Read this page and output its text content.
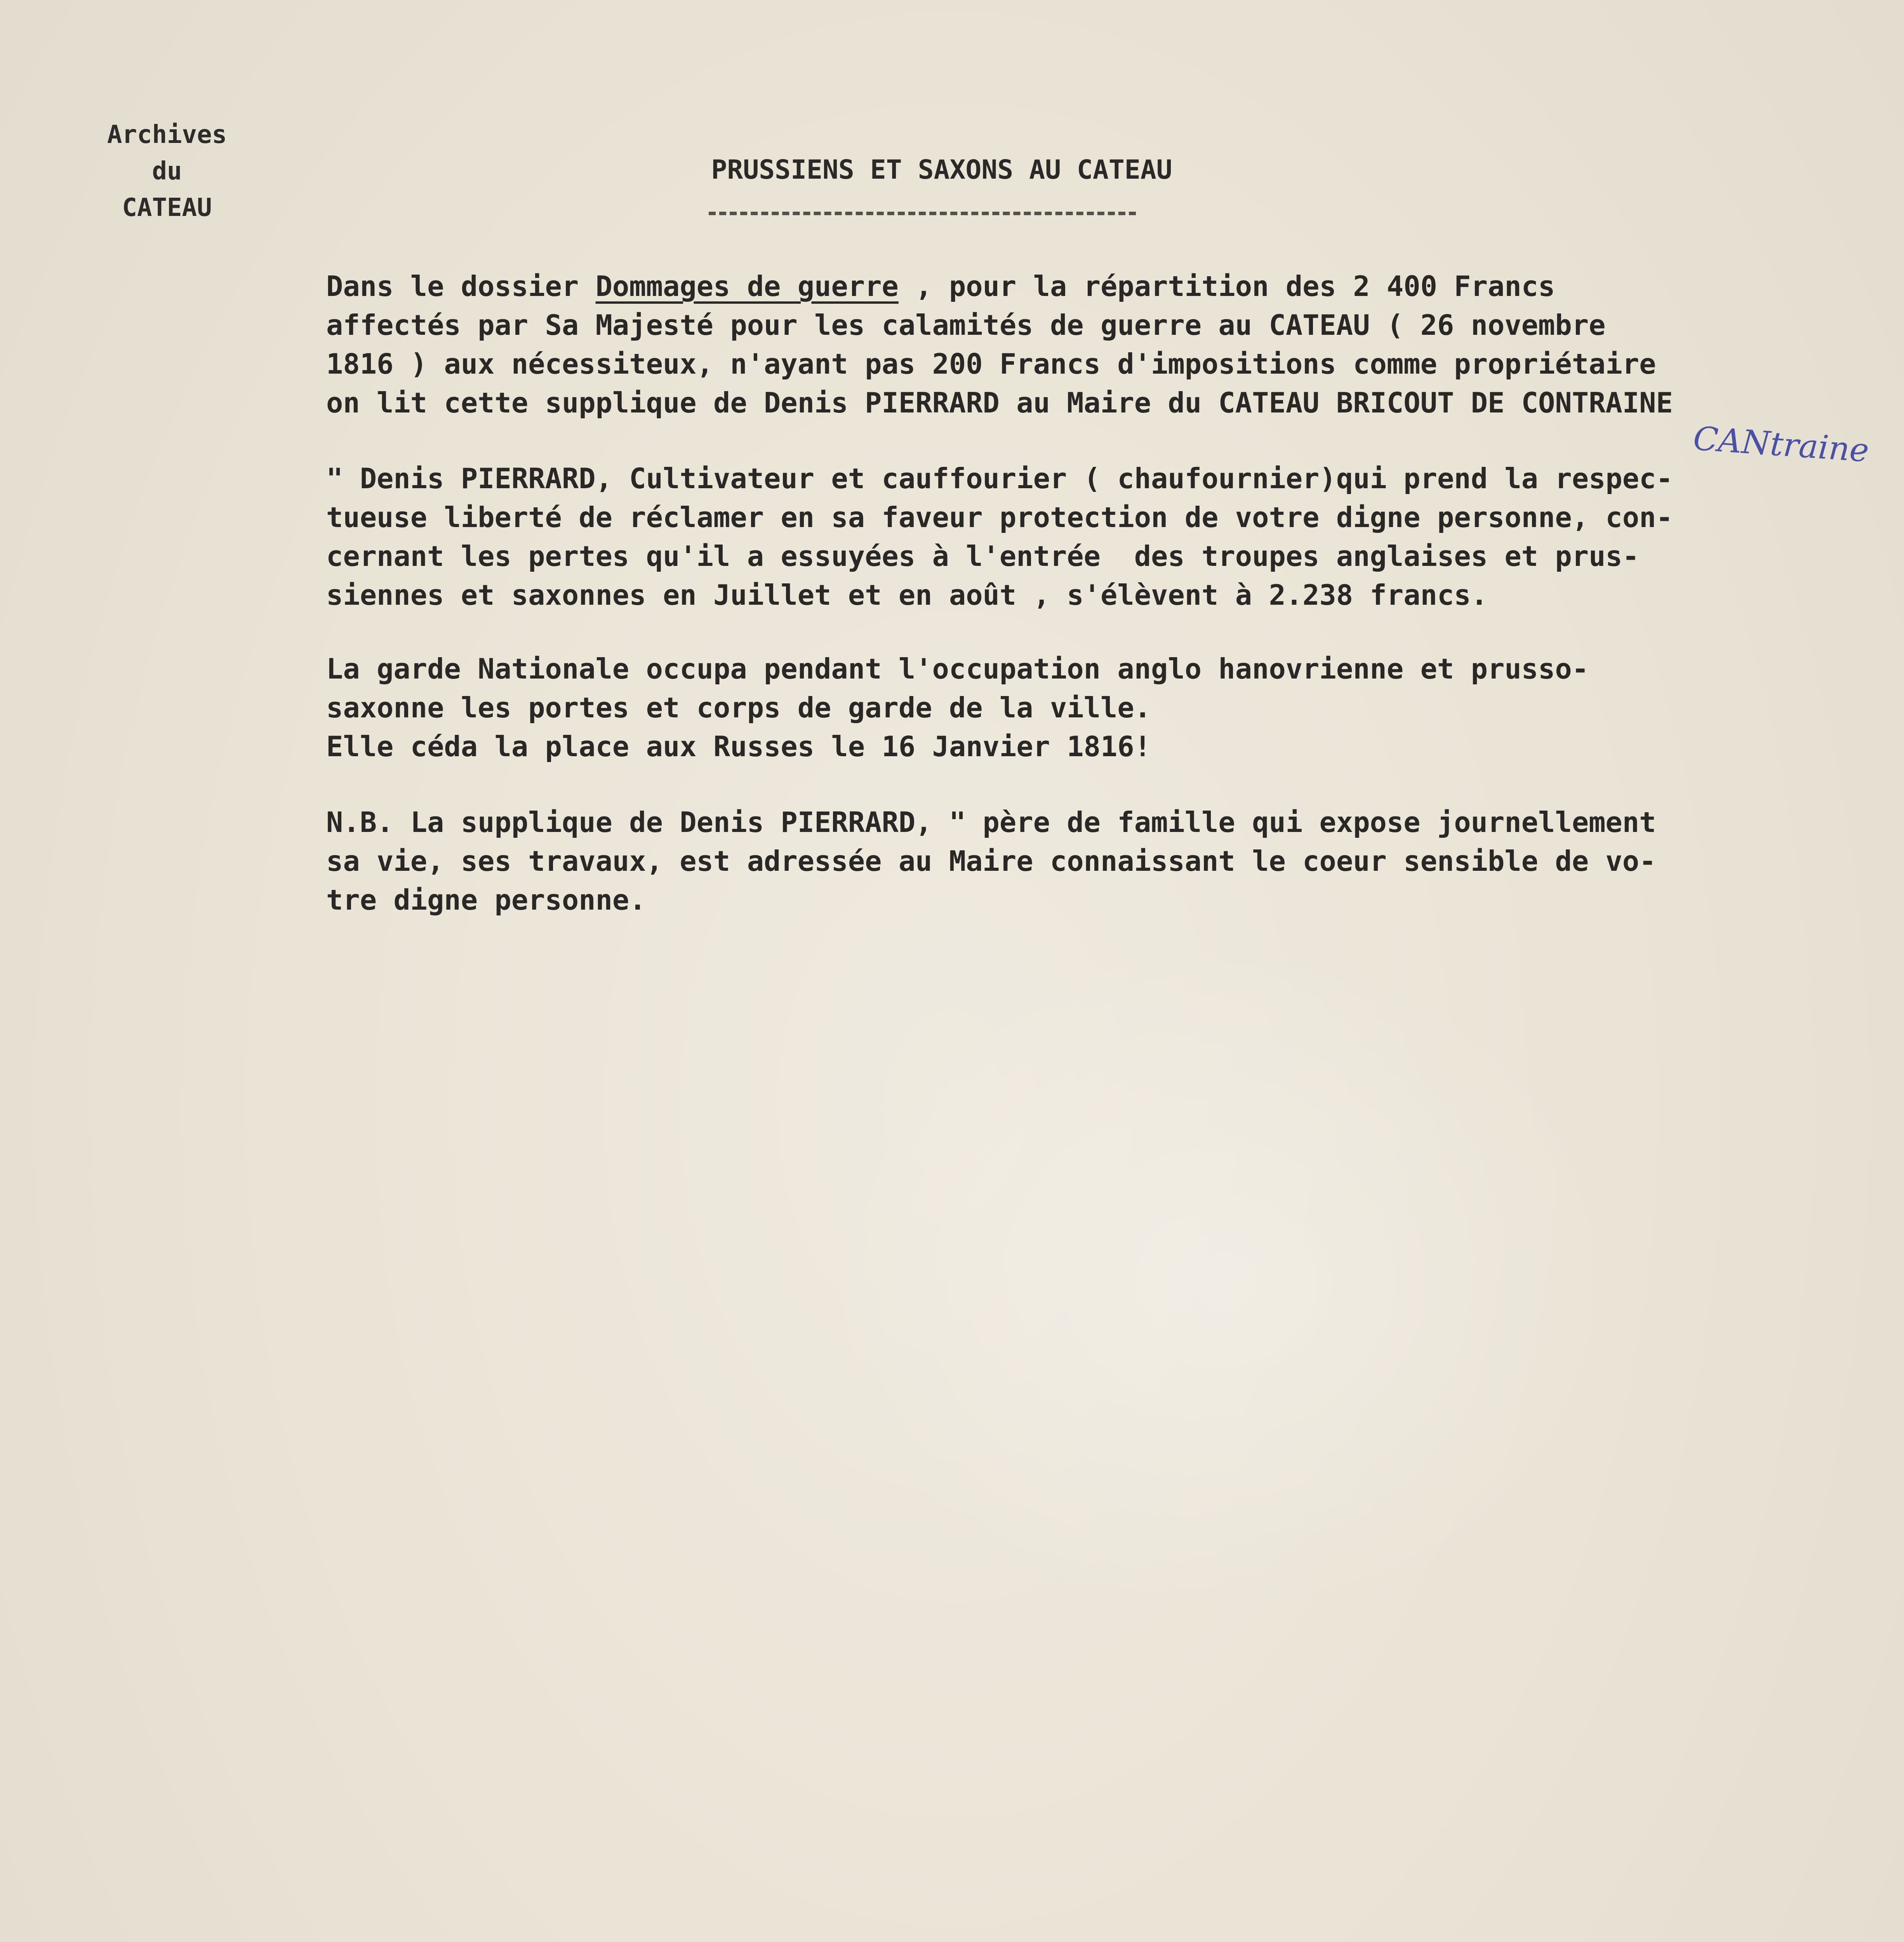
Archives
du
CATEAU
PRUSSIENS ET SAXONS AU CATEAU
Dans le dossier Dommages de guerre , pour la répartition des 2 400 Francs
affectés par Sa Majesté pour les calamités de guerre au CATEAU ( 26 novembre
1816 ) aux nécessiteux, n'ayant pas 200 Francs d'impositions comme propriétaire
on lit cette supplique de Denis PIERRARD au Maire du CATEAU BRICOUT DE CONTRAINE
CANtraine
" Denis PIERRARD, Cultivateur et cauffourier ( chaufournier)qui prend la respec-
tueuse liberté de réclamer en sa faveur protection de votre digne personne, con-
cernant les pertes qu'il a essuyées à l'entrée  des troupes anglaises et prus-
siennes et saxonnes en Juillet et en août , s'élèvent à 2.238 francs.
La garde Nationale occupa pendant l'occupation anglo hanovrienne et prusso-
saxonne les portes et corps de garde de la ville.
Elle céda la place aux Russes le 16 Janvier 1816!
N.B. La supplique de Denis PIERRARD, " père de famille qui expose journellement
sa vie, ses travaux, est adressée au Maire connaissant le coeur sensible de vo-
tre digne personne.
